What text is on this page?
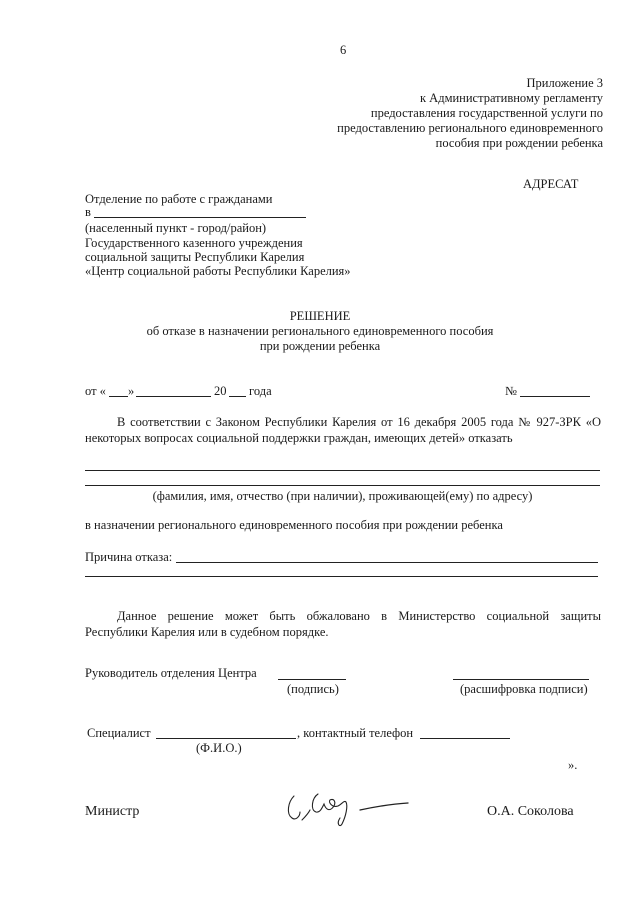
6
Приложение 3
к Административному регламенту
предоставления государственной услуги по
предоставлению регионального единовременного
пособия при рождении ребенка
АДРЕСАТ
Отделение по работе с гражданами
в
(населенный пункт - город/район)
Государственного казенного учреждения
социальной защиты Республики Карелия
«Центр социальной работы Республики Карелия»
РЕШЕНИЕ
об отказе в назначении регионального единовременного пособия
при рождении ребенка
от « »	20 года	№
В соответствии с Законом Республики Карелия от 16 декабря 2005 года № 927-ЗРК «О некоторых вопросах социальной поддержки граждан, имеющих детей» отказать
(фамилия, имя, отчество (при наличии), проживающей(ему) по адресу)
в назначении регионального единовременного пособия при рождении ребенка
Причина отказа:
Данное решение может быть обжаловано в Министерство социальной защиты Республики Карелия или в судебном порядке.
Руководитель отделения Центра
(подпись)	(расшифровка подписи)
Специалист	, контактный телефон
(Ф.И.О.)
».
Министр	О.А. Соколова
